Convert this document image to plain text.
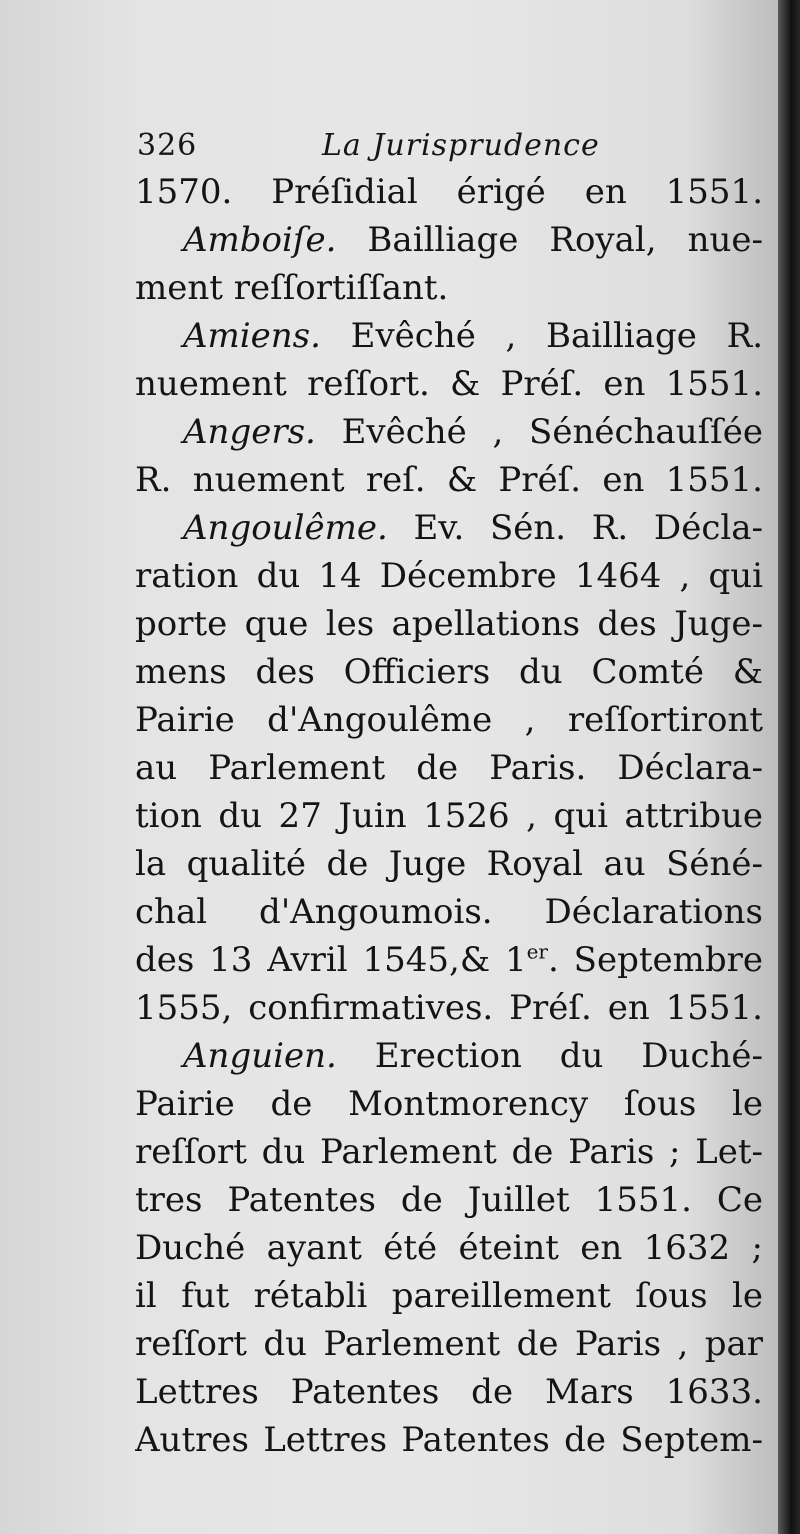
326	La Jurisprudence
1570. Préſidial érigé en 1551.
Amboiſe. Bailliage Royal, nue-
ment reſſortiſſant.
Amiens. Evêché , Bailliage R.
nuement reſſort. & Préſ. en 1551.
Angers. Evêché , Sénéchauſſée
R. nuement reſ. & Préſ. en 1551.
Angoulême. Ev. Sén. R. Décla-
ration du 14 Décembre 1464 , qui
porte que les apellations des Juge-
mens des Officiers du Comté &
Pairie d'Angoulême , reſſortiront
au Parlement de Paris. Déclara-
tion du 27 Juin 1526 , qui attribue
la qualité de Juge Royal au Séné-
chal d'Angoumois. Déclarations
des 13 Avril 1545,& 1er. Septembre
1555, confirmatives. Préſ. en 1551.
Anguien. Erection du Duché-
Pairie de Montmorency ſous le
reſſort du Parlement de Paris ; Let-
tres Patentes de Juillet 1551. Ce
Duché ayant été éteint en 1632 ;
il fut rétabli pareillement ſous le
reſſort du Parlement de Paris , par
Lettres Patentes de Mars 1633.
Autres Lettres Patentes de Septem-
